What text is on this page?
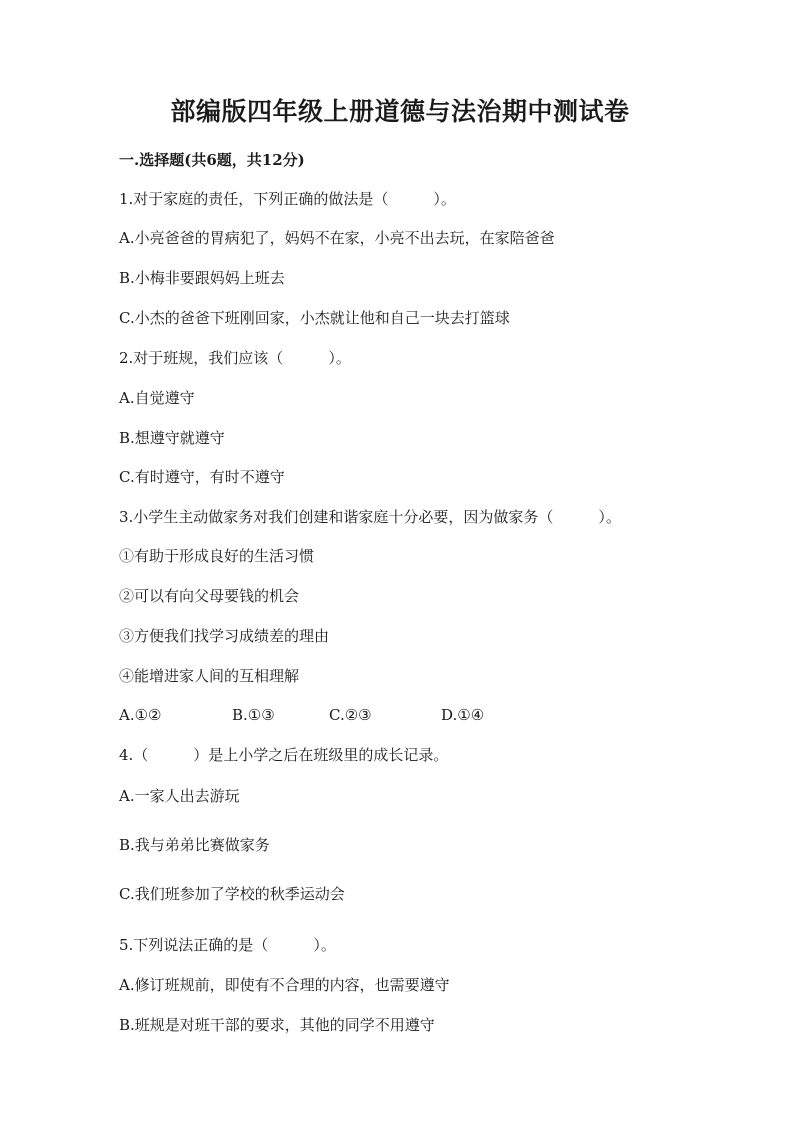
部编版四年级上册道德与法治期中测试卷
一.选择题(共6题，共12分)
1.对于家庭的责任，下列正确的做法是（　　　）。
A.小亮爸爸的胃病犯了，妈妈不在家，小亮不出去玩，在家陪爸爸
B.小梅非要跟妈妈上班去
C.小杰的爸爸下班刚回家，小杰就让他和自己一块去打篮球
2.对于班规，我们应该（　　　）。
A.自觉遵守
B.想遵守就遵守
C.有时遵守，有时不遵守
3.小学生主动做家务对我们创建和谐家庭十分必要，因为做家务（　　　）。
①有助于形成良好的生活习惯
②可以有向父母要钱的机会
③方便我们找学习成绩差的理由
④能增进家人间的互相理解
A.①②	B.①③	C.②③	D.①④
4.（　　　）是上小学之后在班级里的成长记录。
A.一家人出去游玩
B.我与弟弟比赛做家务
C.我们班参加了学校的秋季运动会
5.下列说法正确的是（　　　）。
A.修订班规前，即使有不合理的内容，也需要遵守
B.班规是对班干部的要求，其他的同学不用遵守
